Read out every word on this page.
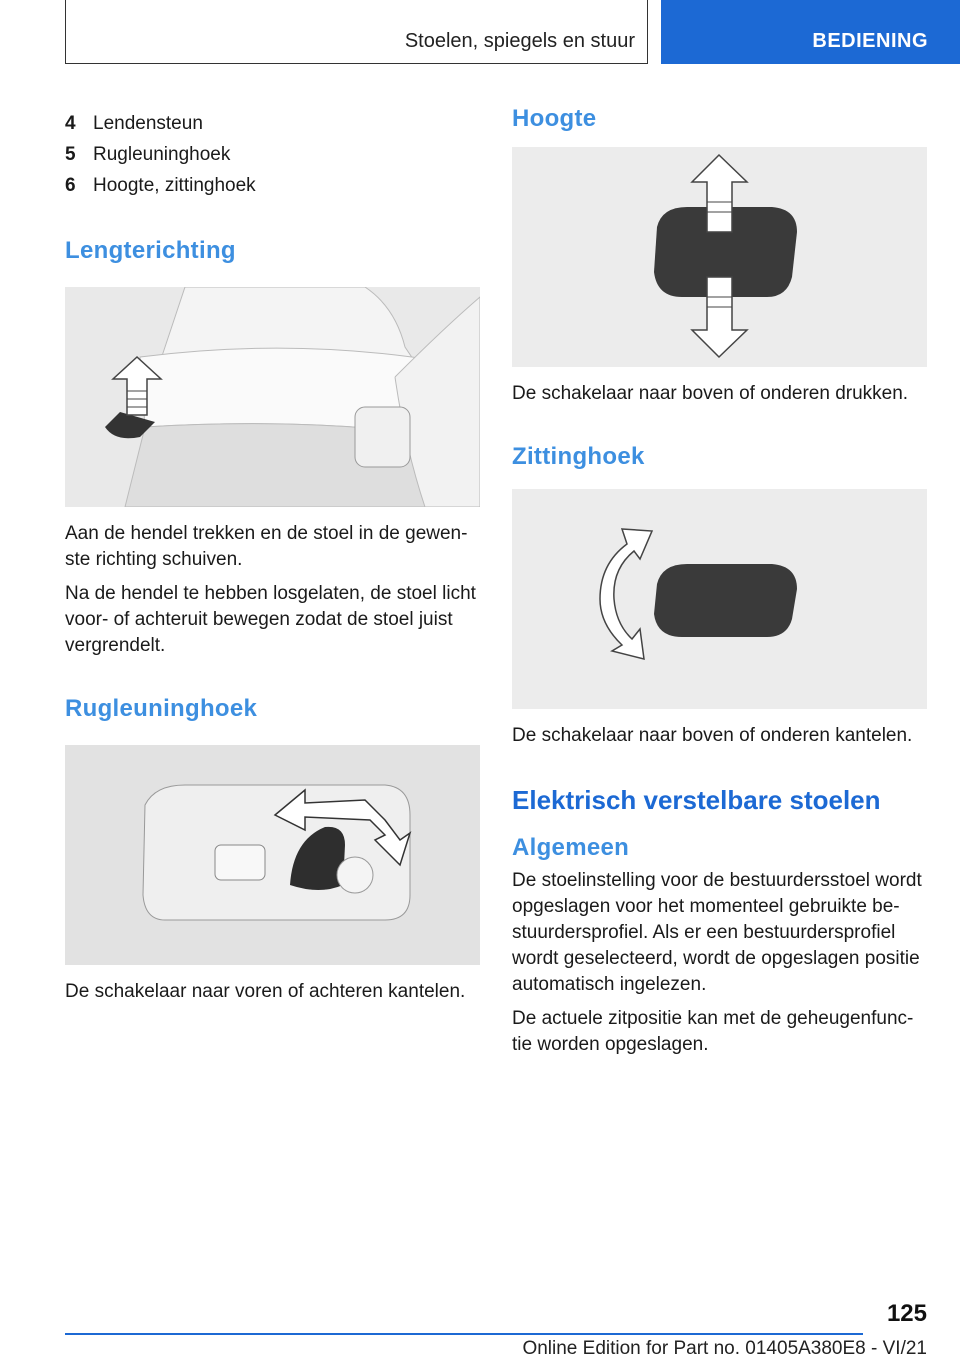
Stoelen, spiegels en stuur	BEDIENING
4 Lendensteun
5 Rugleuninghoek
6 Hoogte, zittinghoek
Lengterichting

Aan de hendel trekken en de stoel in de gewen-ste richting schuiven.

Na de hendel te hebben losgelaten, de stoel licht voor- of achteruit bewegen zodat de stoel juist vergrendelt.

Rugleuninghoek

De schakelaar naar voren of achteren kantelen.

Hoogte

De schakelaar naar boven of onderen drukken.

Zittinghoek

De schakelaar naar boven of onderen kantelen.

Elektrisch verstelbare stoelen
Algemeen

De stoelinstelling voor de bestuurdersstoel wordt opgeslagen voor het momenteel gebruikte be-stuurdersprofiel. Als er een bestuurdersprofiel wordt geselecteerd, wordt de opgeslagen positie automatisch ingelezen.

De actuele zitpositie kan met de geheugenfunc-tie worden opgeslagen.

125
Online Edition for Part no. 01405A380E8 - VI/21
